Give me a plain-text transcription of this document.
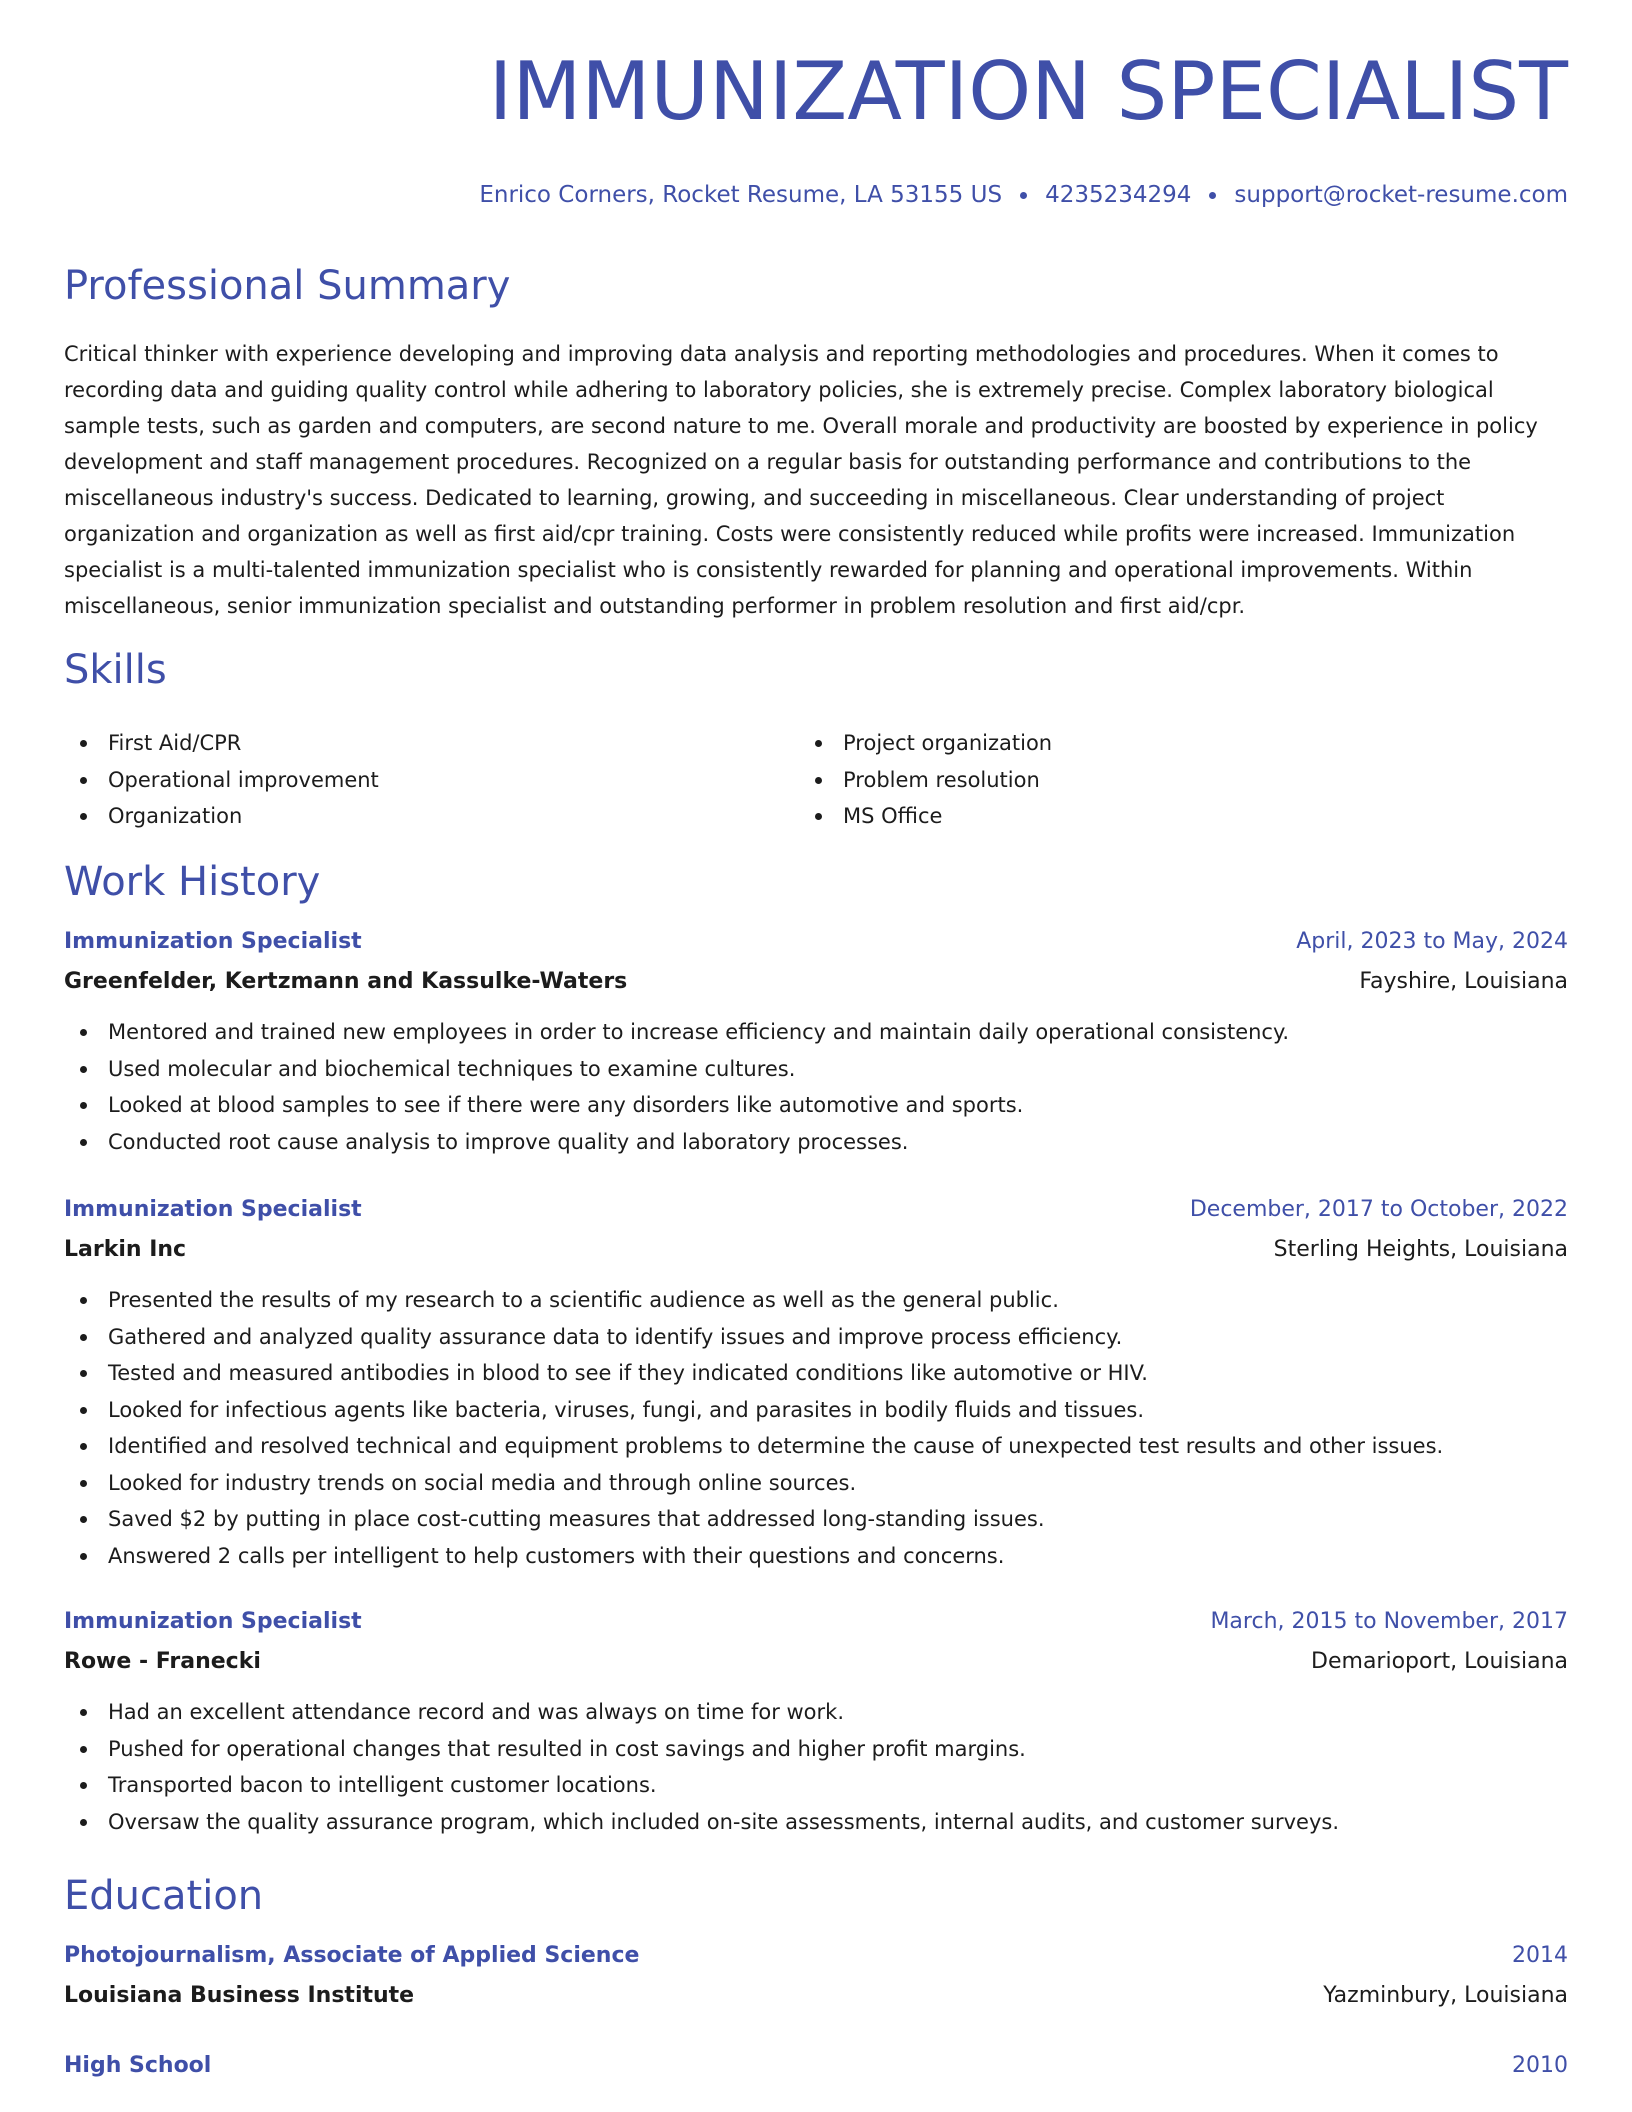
IMMUNIZATION SPECIALIST
Enrico Corners, Rocket Resume, LA 53155 US 4235234294 support@rocket-resume.com
Professional Summary

Critical thinker with experience developing and improving data analysis and reporting methodologies and procedures. When it comes to recording data and guiding quality control while adhering to laboratory policies, she is extremely precise. Complex laboratory biological sample tests, such as garden and computers, are second nature to me. Overall morale and productivity are boosted by experience in policy development and staff management procedures. Recognized on a regular basis for outstanding performance and contributions to the miscellaneous industry's success. Dedicated to learning, growing, and succeeding in miscellaneous. Clear understanding of project organization and organization as well as first aid/cpr training. Costs were consistently reduced while profits were increased. Immunization specialist is a multi-talented immunization specialist who is consistently rewarded for planning and operational improvements. Within miscellaneous, senior immunization specialist and outstanding performer in problem resolution and first aid/cpr.

Skills
First Aid/CPR
Operational improvement
Organization
Project organization
Problem resolution
MS Office
Work History
Immunization Specialist	April, 2023 to May, 2024
Greenfelder, Kertzmann and Kassulke-Waters	Fayshire, Louisiana
Mentored and trained new employees in order to increase efficiency and maintain daily operational consistency.
Used molecular and biochemical techniques to examine cultures.
Looked at blood samples to see if there were any disorders like automotive and sports.
Conducted root cause analysis to improve quality and laboratory processes.
Immunization Specialist	December, 2017 to October, 2022
Larkin Inc	Sterling Heights, Louisiana
Presented the results of my research to a scientific audience as well as the general public.
Gathered and analyzed quality assurance data to identify issues and improve process efficiency.
Tested and measured antibodies in blood to see if they indicated conditions like automotive or HIV.
Looked for infectious agents like bacteria, viruses, fungi, and parasites in bodily fluids and tissues.
Identified and resolved technical and equipment problems to determine the cause of unexpected test results and other issues.
Looked for industry trends on social media and through online sources.
Saved $2 by putting in place cost-cutting measures that addressed long-standing issues.
Answered 2 calls per intelligent to help customers with their questions and concerns.
Immunization Specialist	March, 2015 to November, 2017
Rowe - Franecki	Demarioport, Louisiana
Had an excellent attendance record and was always on time for work.
Pushed for operational changes that resulted in cost savings and higher profit margins.
Transported bacon to intelligent customer locations.
Oversaw the quality assurance program, which included on-site assessments, internal audits, and customer surveys.
Education
Photojournalism, Associate of Applied Science	2014
Louisiana Business Institute	Yazminbury, Louisiana
High School	2010
